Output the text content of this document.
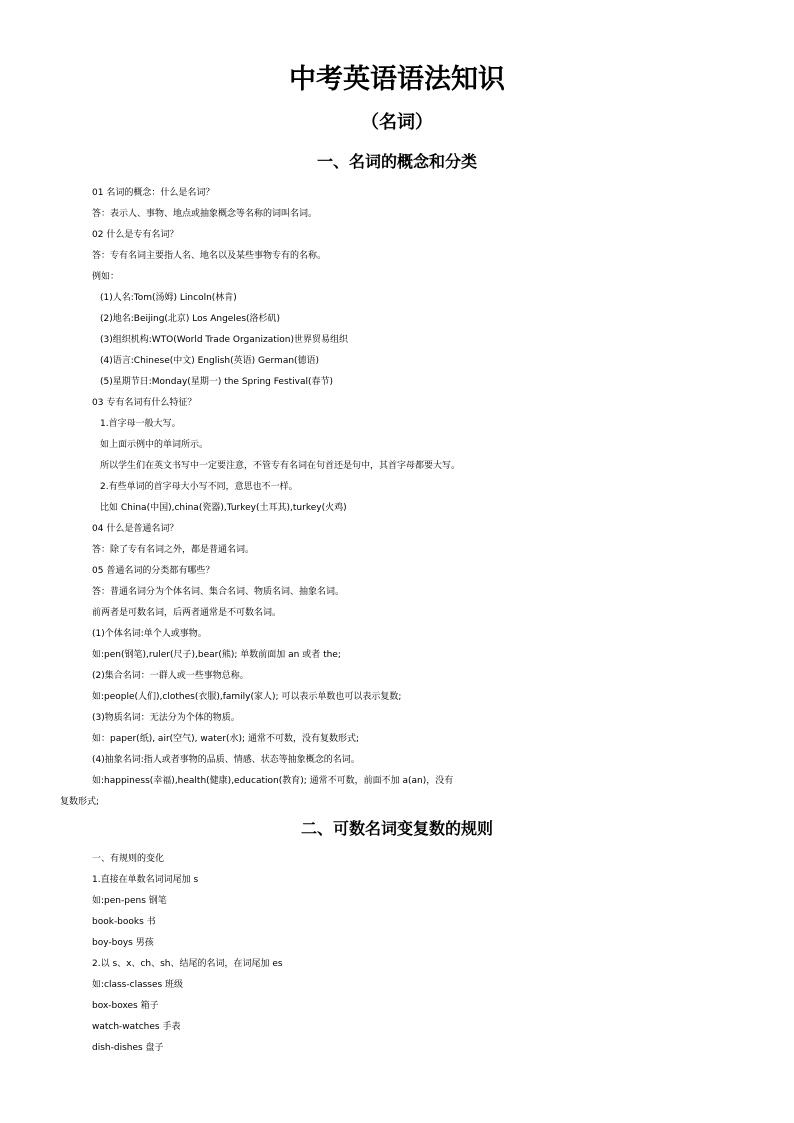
中考英语语法知识
（名词）
一、名词的概念和分类
01 名词的概念：什么是名词？
答：表示人、事物、地点或抽象概念等名称的词叫名词。
02 什么是专有名词？
答：专有名词主要指人名、地名以及某些事物专有的名称。
例如：
(1)人名:Tom(汤姆) Lincoln(林肯)
(2)地名:Beijing(北京) Los Angeles(洛杉矶)
(3)组织机构:WTO(World Trade Organization)世界贸易组织
(4)语言:Chinese(中文) English(英语) German(德语)
(5)星期节日:Monday(星期一) the Spring Festival(春节)
03 专有名词有什么特征？
1.首字母一般大写。
如上面示例中的单词所示。
所以学生们在英文书写中一定要注意，不管专有名词在句首还是句中，其首字母都要大写。
2.有些单词的首字母大小写不同，意思也不一样。
比如 China(中国),china(瓷器),Turkey(土耳其),turkey(火鸡)
04 什么是普通名词？
答：除了专有名词之外，都是普通名词。
05 普通名词的分类都有哪些？
答：普通名词分为个体名词、集合名词、物质名词、抽象名词。
前两者是可数名词，后两者通常是不可数名词。
(1)个体名词:单个人或事物。
如:pen(钢笔),ruler(尺子),bear(熊); 单数前面加 an 或者 the;
(2)集合名词：一群人或一些事物总称。
如:people(人们),clothes(衣服),family(家人); 可以表示单数也可以表示复数;
(3)物质名词：无法分为个体的物质。
如：paper(纸), air(空气), water(水); 通常不可数，没有复数形式;
(4)抽象名词:指人或者事物的品质、情感、状态等抽象概念的名词。
如:happiness(幸福),health(健康),education(教育); 通常不可数，前面不加 a(an)，没有
复数形式;
二、可数名词变复数的规则
一、有规则的变化
1.直接在单数名词词尾加 s
如:pen-pens 钢笔
book-books 书
boy-boys 男孩
2.以 s、x、ch、sh、结尾的名词，在词尾加 es
如:class-classes 班级
box-boxes 箱子
watch-watches 手表
dish-dishes 盘子
